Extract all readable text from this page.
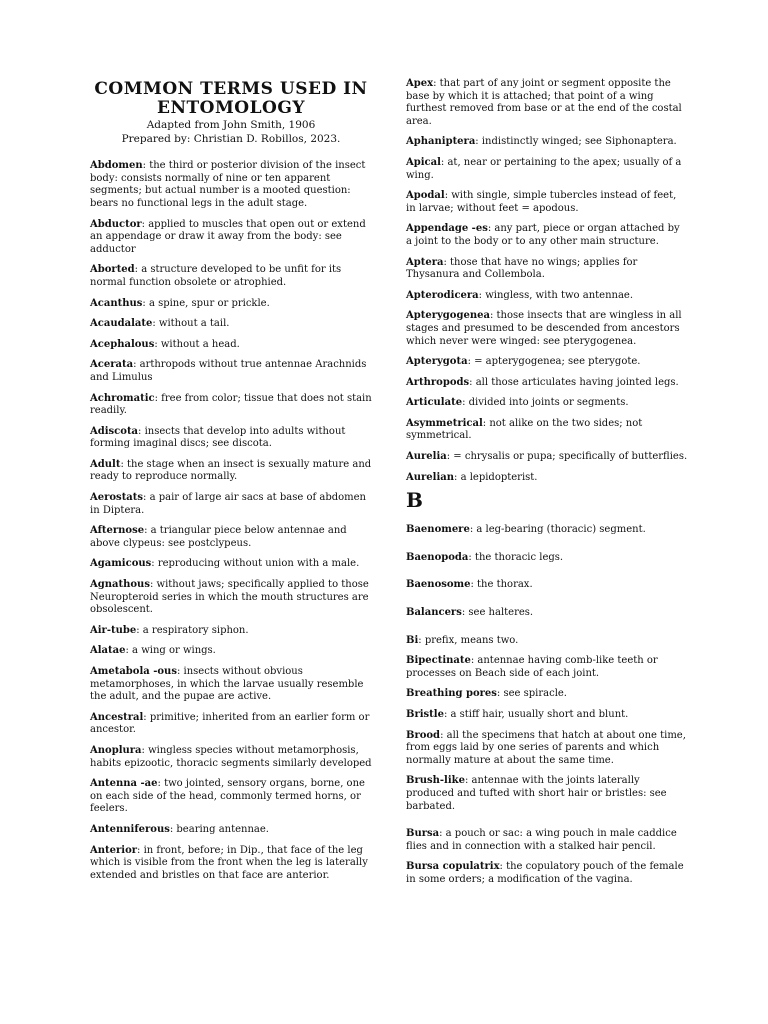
COMMON TERMS USED IN
ENTOMOLOGY

Adapted from John Smith, 1906

Prepared by: Christian D. Robillos, 2023.

Abdomen: the third or posterior division of the insect body: consists normally of nine or ten apparent segments; but actual number is a mooted question: bears no functional legs in the adult stage.

Abductor: applied to muscles that open out or extend an appendage or draw it away from the body: see adductor

Aborted: a structure developed to be unfit for its normal function obsolete or atrophied.

Acanthus: a spine, spur or prickle.

Acaudalate: without a tail.

Acephalous: without a head.

Acerata: arthropods without true antennae Arachnids and Limulus

Achromatic: free from color; tissue that does not stain readily.

Adiscota: insects that develop into adults without forming imaginal discs; see discota.

Adult: the stage when an insect is sexually mature and ready to reproduce normally.

Aerostats: a pair of large air sacs at base of abdomen in Diptera.

Afternose: a triangular piece below antennae and above clypeus: see postclypeus.

Agamicous: reproducing without union with a male.

Agnathous: without jaws; specifically applied to those Neuropteroid series in which the mouth structures are obsolescent.

Air-tube: a respiratory siphon.

Alatae: a wing or wings.

Ametabola -ous: insects without obvious metamorphoses, in which the larvae usually resemble the adult, and the pupae are active.

Ancestral: primitive; inherited from an earlier form or ancestor.

Anoplura: wingless species without metamorphosis, habits epizootic, thoracic segments similarly developed

Antenna -ae: two jointed, sensory organs, borne, one on each side of the head, commonly termed horns, or feelers.

Antenniferous: bearing antennae.

Anterior: in front, before; in Dip., that face of the leg which is visible from the front when the leg is laterally extended and bristles on that face are anterior.

Apex: that part of any joint or segment opposite the base by which it is attached; that point of a wing furthest removed from base or at the end of the costal area.

Aphaniptera: indistinctly winged; see Siphonaptera.

Apical: at, near or pertaining to the apex; usually of a wing.

Apodal: with single, simple tubercles instead of feet, in larvae; without feet = apodous.

Appendage -es: any part, piece or organ attached by a joint to the body or to any other main structure.

Aptera: those that have no wings; applies for Thysanura and Collembola.

Apterodicera: wingless, with two antennae.

Apterygogenea: those insects that are wingless in all stages and presumed to be descended from ancestors which never were winged: see pterygogenea.

Apterygota: = apterygogenea; see pterygote.

Arthropods: all those articulates having jointed legs.

Articulate: divided into joints or segments.

Asymmetrical: not alike on the two sides; not symmetrical.

Aurelia: = chrysalis or pupa; specifically of butterflies.

Aurelian: a lepidopterist.

B

Baenomere: a leg-bearing (thoracic) segment.

Baenopoda: the thoracic legs.

Baenosome: the thorax.

Balancers: see halteres.

Bi: prefix, means two.

Bipectinate: antennae having comb-like teeth or processes on Beach side of each joint.

Breathing pores: see spiracle.

Bristle: a stiff hair, usually short and blunt.

Brood: all the specimens that hatch at about one time, from eggs laid by one series of parents and which normally mature at about the same time.

Brush-like: antennae with the joints laterally produced and tufted with short hair or bristles: see barbated.

Bursa: a pouch or sac: a wing pouch in male caddice flies and in connection with a stalked hair pencil.

Bursa copulatrix: the copulatory pouch of the female in some orders; a modification of the vagina.
